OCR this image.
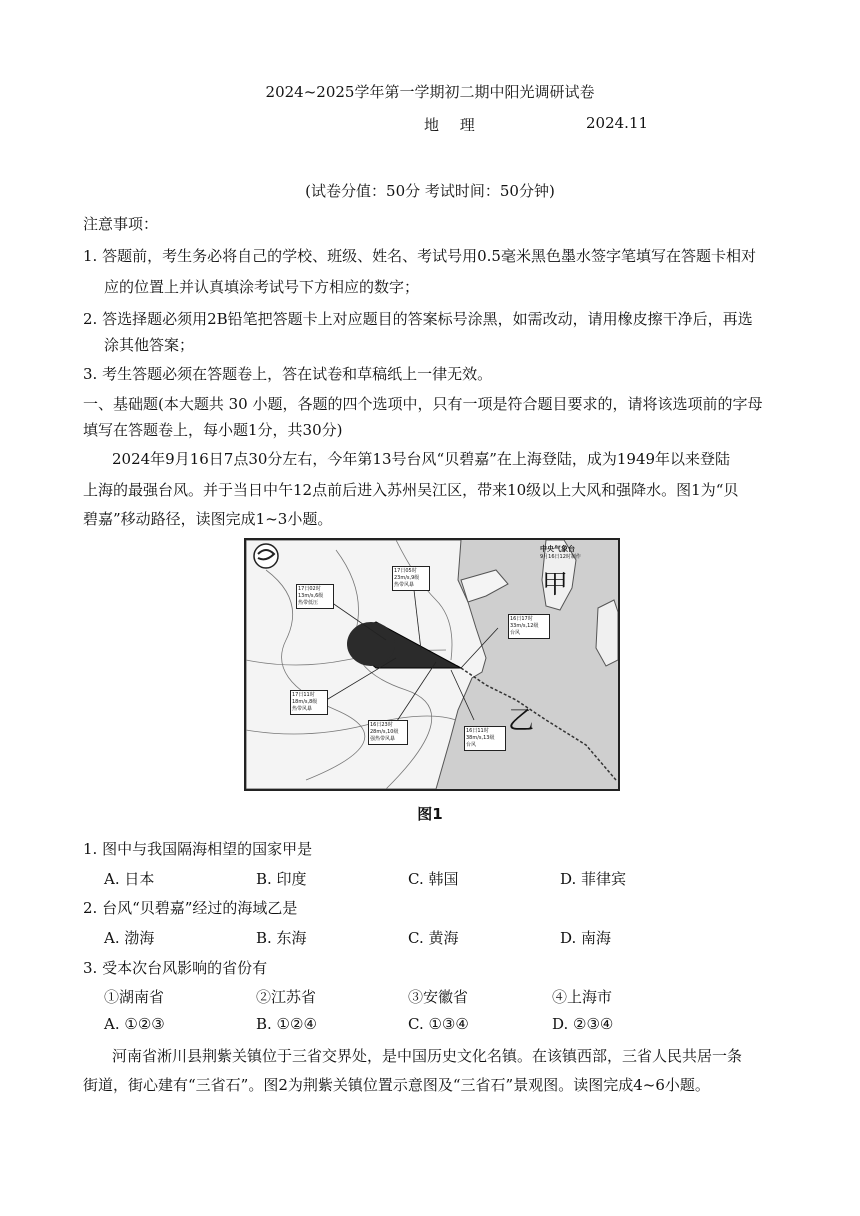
2024~2025学年第一学期初二期中阳光调研试卷
地 理	2024.11
(试卷分值：50分 考试时间：50分钟)
注意事项：
1. 答题前，考生务必将自己的学校、班级、姓名、考试号用0.5毫米黑色墨水签字笔填写在答题卡相对
应的位置上并认真填涂考试号下方相应的数字；
2. 答选择题必须用2B铅笔把答题卡上对应题目的答案标号涂黑，如需改动，请用橡皮擦干净后，再选
涂其他答案；
3. 考生答题必须在答题卷上，答在试卷和草稿纸上一律无效。
一、基础题(本大题共 30 小题，各题的四个选项中，只有一项是符合题目要求的，请将该选项前的字母
填写在答题卷上，每小题1分，共30分)
2024年9月16日7点30分左右，今年第13号台风“贝碧嘉”在上海登陆，成为1949年以来登陆
上海的最强台风。并于当日中午12点前后进入苏州吴江区，带来10级以上大风和强降水。图1为“贝
碧嘉”移动路径，读图完成1~3小题。
中央气象台
9月16日12时制作
甲
乙
17日02时
13m/s,6级
热带低压
17日05时
23m/s,9级
热带风暴
16日17时
33m/s,12级
台风
17日11时
18m/s,8级
热带风暴
16日23时
28m/s,10级
强热带风暴
16日11时
38m/s,13级
台风
图1
1. 图中与我国隔海相望的国家甲是
A. 日本	B. 印度	C. 韩国	D. 菲律宾
2. 台风“贝碧嘉”经过的海域乙是
A. 渤海	B. 东海	C. 黄海	D. 南海
3. 受本次台风影响的省份有
①湖南省	②江苏省	③安徽省	④上海市
A. ①②③	B. ①②④	C. ①③④	D. ②③④
河南省淅川县荆紫关镇位于三省交界处，是中国历史文化名镇。在该镇西部，三省人民共居一条
街道，街心建有“三省石”。图2为荆紫关镇位置示意图及“三省石”景观图。读图完成4~6小题。
